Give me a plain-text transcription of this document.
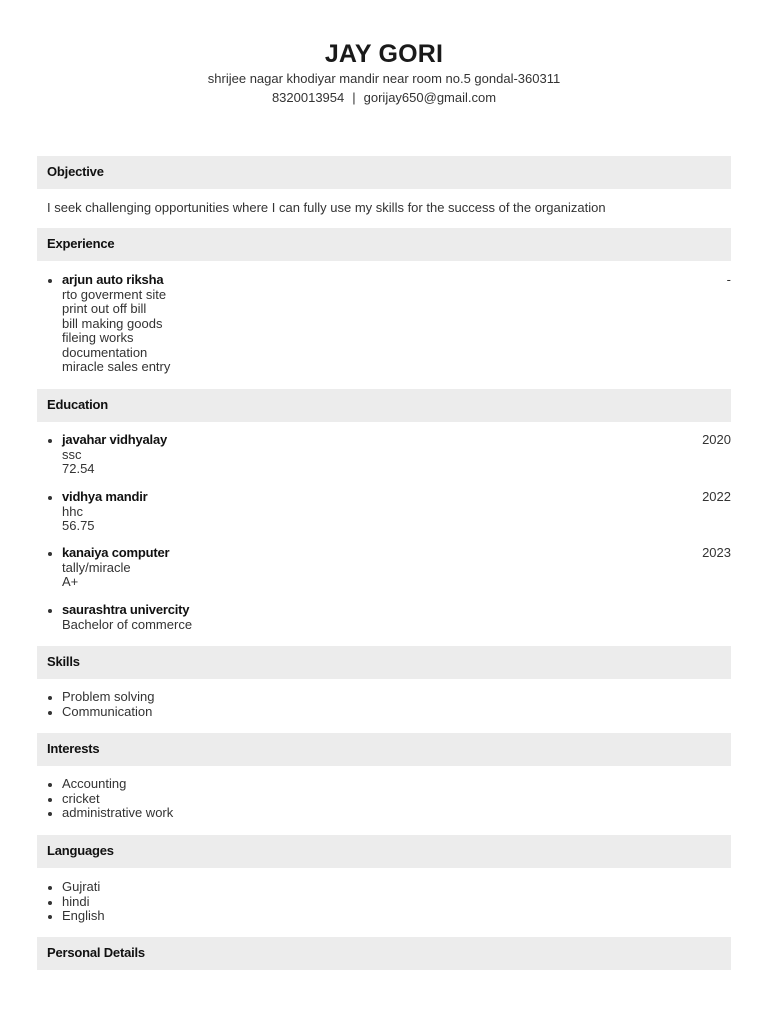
JAY GORI
shrijee nagar khodiyar mandir near room no.5 gondal-360311
8320013954 | gorijay650@gmail.com
Objective
I seek challenging opportunities where I can fully use my skills for the success of the organization
Experience
arjun auto riksha	-
rto goverment site
print out off bill
bill making goods
fileing works
documentation
miracle sales entry
Education
javahar vidhyalay	2020
ssc
72.54
vidhya mandir	2022
hhc
56.75
kanaiya computer	2023
tally/miracle
A+
saurashtra univercity
Bachelor of commerce
Skills
Problem solving
Communication
Interests
Accounting
cricket
administrative work
Languages
Gujrati
hindi
English
Personal Details
